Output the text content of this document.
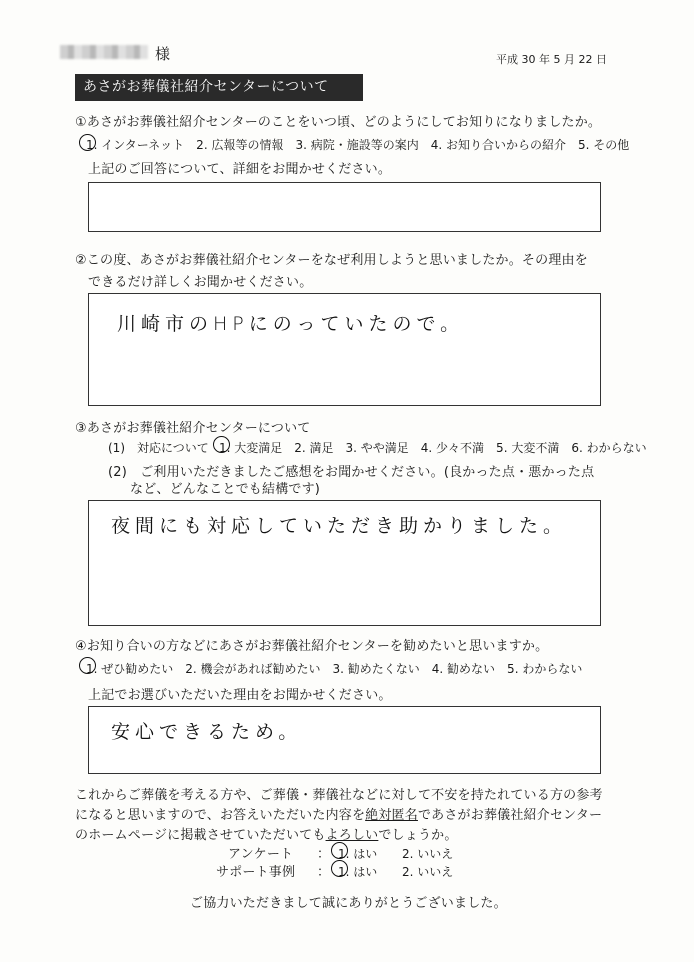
様	平成 30 年 5 月 22 日
あさがお葬儀社紹介センターについて
①あさがお葬儀社紹介センターのことをいつ頃、どのようにしてお知りになりましたか。
1. インターネット　2. 広報等の情報　3. 病院・施設等の案内　4. お知り合いからの紹介　5. その他
上記のご回答について、詳細をお聞かせください。
②この度、あさがお葬儀社紹介センターをなぜ利用しようと思いましたか。その理由を
できるだけ詳しくお聞かせください。
川崎市のHPにのっていたので。
③あさがお葬儀社紹介センターについて
(1)　対応について 1. 大変満足　2. 満足　3. やや満足　4. 少々不満　5. 大変不満　6. わからない
(2)　ご利用いただきましたご感想をお聞かせください。(良かった点・悪かった点
など、どんなことでも結構です)
夜間にも対応していただき助かりました。
④お知り合いの方などにあさがお葬儀社紹介センターを勧めたいと思いますか。
1. ぜひ勧めたい　2. 機会があれば勧めたい　3. 勧めたくない　4. 勧めない　5. わからない
上記でお選びいただいた理由をお聞かせください。
安心できるため。
これからご葬儀を考える方や、ご葬儀・葬儀社などに対して不安を持たれている方の参考
になると思いますので、お答えいただいた内容を絶対匿名であさがお葬儀社紹介センター
のホームページに掲載させていただいてもよろしいでしょうか。
アンケート ： 1. はい 2. いいえ
サポート事例 ： 1. はい 2. いいえ
ご協力いただきまして誠にありがとうございました。
